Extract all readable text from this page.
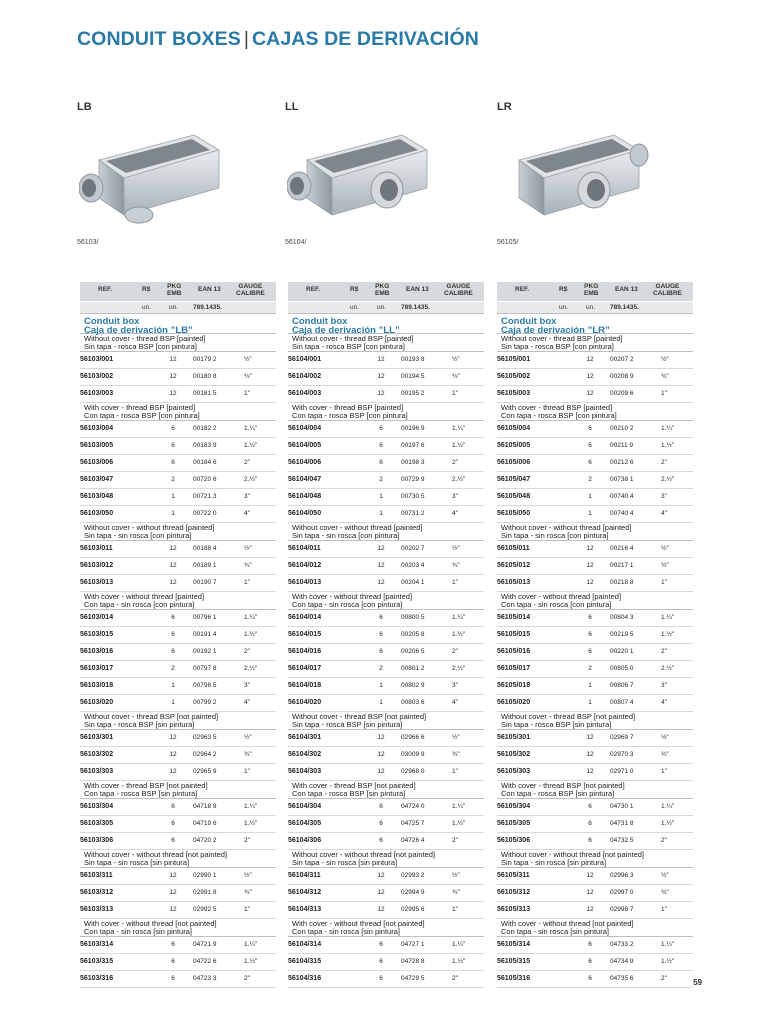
CONDUIT BOXES | CAJAS DE DERIVACIÓN
LB
56103/
REF.	R$	PKG
EMB
EAN 13	GAUGE
CALIBRE
un.	un. 789.1435.
Conduit box
Caja de derivación ”LB”
Without cover - thread BSP [painted]
Sin tapa - rosca BSP [con pintura]
56103/001	12	00179 2	½"
56103/002	12	00180 8	¾"
56103/003	12	00181 5	1"
With cover - thread BSP [painted]
Con tapa - rosca BSP [con pintura]
56103/004	6	00182 2	1.¼"
56103/005	6	00183 9	1.½"
56103/006	6	00184 6	2"
56103/047	2	00720 6	2.½"
56103/048	1	00721 3	3"
56103/050	1	00722 0	4"
Without cover - without thread [painted]
Sin tapa - sin rosca [con pintura]
56103/011	12	00188 4	½"
56103/012	12	00189 1	¾"
56103/013	12	00190 7	1"
With cover - without thread [painted]
Con tapa - sin rosca [con pintura]
56103/014	6	00796 1	1.¼"
56103/015	6	00191 4	1.½"
56103/016	6	00192 1	2"
56103/017	2	00797 8	2.½"
56103/018	1	00798 5	3"
56103/020	1	00799 2	4"
Without cover - thread BSP [not painted]
Sin tapa - rosca BSP [sin pintura]
56103/301	12	02963 5	½"
56103/302	12	02964 2	¾"
56103/303	12	02965 9	1"
With cover - thread BSP [not painted]
Con tapa - rosca BSP [sin pintura]
56103/304	6	04718 9	1.¼"
56103/305	6	04719 6	1.½"
56103/306	6	04720 2	2"
Without cover - without thread [not painted]
Sin tapa - sin rosca [sin pintura]
56103/311	12	02990 1	½"
56103/312	12	02991 8	¾"
56103/313	12	02992 5	1"
With cover - without thread [not painted]
Con tapa - sin rosca [sin pintura]
56103/314	6	04721 9	1.¼"
56103/315	6	04722 6	1.½"
56103/316	6	04723 3	2"
LL
56104/
REF.	R$	PKG
EMB
EAN 13	GAUGE
CALIBRE
un.	un. 789.1435.
Conduit box
Caja de derivación ”LL”
Without cover - thread BSP [painted]
Sin tapa - rosca BSP [con pintura]
56104/001	12	00193 8	½"
56104/002	12	00194 5	¾"
56104/003	12	00195 2	1"
With cover - thread BSP [painted]
Con tapa - rosca BSP [con pintura]
56104/004	6	00196 9	1.¼"
56104/005	6	00197 6	1.½"
56104/006	6	00198 3	2"
56104/047	2	00729 9	2.½"
56104/048	1	00730 5	3"
56104/050	1	00731 2	4"
Without cover - without thread [painted]
Sin tapa - sin rosca [con pintura]
56104/011	12	00202 7	½"
56104/012	12	00203 4	¾"
56104/013	12	00204 1	1"
With cover - without thread [painted]
Con tapa - sin rosca [con pintura]
56104/014	6	00800 5	1.¼"
56104/015	6	00205 8	1.½"
56104/016	6	00206 5	2"
56104/017	2	00801 2	2.½"
56104/018	1	00802 9	3"
56104/020	1	00803 6	4"
Without cover - thread BSP [not painted]
Sin tapa - rosca BSP [sin pintura]
56104/301	12	02966 6	½"
56104/302	12	03009 9	¾"
56104/303	12	02968 0	1"
With cover - thread BSP [not painted]
Con tapa - rosca BSP [sin pintura]
56104/304	6	04724 0	1.¼"
56104/305	6	04725 7	1.½"
56104/306	6	04726 4	2"
Without cover - without thread [not painted]
Sin tapa - sin rosca [sin pintura]
56104/311	12	02993 2	½"
56104/312	12	02994 9	¾"
56104/313	12	02995 6	1"
With cover - without thread [not painted]
Con tapa - sin rosca [sin pintura]
56104/314	6	04727 1	1.¼"
56104/315	6	04728 8	1.½"
56104/316	6	04729 5	2"
LR
56105/
REF.	R$	PKG
EMB
EAN 13	GAUGE
CALIBRE
un.	un. 789.1435.
Conduit box
Caja de derivación ”LR”
Without cover - thread BSP [painted]
Sin tapa - rosca BSP [con pintura]
56105/001	12	00207 2	½"
56105/002	12	00208 9	¾"
56105/003	12	00209 6	1"
With cover - thread BSP [painted]
Con tapa - rosca BSP [con pintura]
56105/004	6	00210 2	1.¼"
56105/005	6	00211 9	1.½"
56105/006	6	00212 6	2"
56105/047	2	00738 1	2.½"
56105/048	1	00740 4	3"
56105/050	1	00740 4	4"
Without cover - without thread [painted]
Sin tapa - sin rosca [con pintura]
56105/011	12	00216 4	½"
56105/012	12	00217 1	¾"
56105/013	12	00218 8	1"
With cover - without thread [painted]
Con tapa - sin rosca [con pintura]
56105/014	6	00804 3	1.¼"
56105/015	6	00219 5	1.½"
56105/016	6	00220 1	2"
56105/017	2	00805 0	2.½"
56105/018	1	00806 7	3"
56105/020	1	00807 4	4"
Without cover - thread BSP [not painted]
Sin tapa - rosca BSP [sin pintura]
56105/301	12	02969 7	½"
56105/302	12	02970 3	¾"
56105/303	12	02971 0	1"
With cover - thread BSP [not painted]
Con tapa - rosca BSP [sin pintura]
56105/304	6	04730 1	1.¼"
56105/305	6	04731 8	1.½"
56105/306	6	04732 5	2"
Without cover - without thread [not painted]
Sin tapa - sin rosca [sin pintura]
56105/311	12	02996 3	½"
56105/312	12	02997 0	¾"
56105/313	12	02998 7	1"
With cover - without thread [not painted]
Con tapa - sin rosca [sin pintura]
56105/314	6	04733 2	1.¼"
56105/315	6	04734 9	1.½"
56105/316	6	04735 6	2"	59
